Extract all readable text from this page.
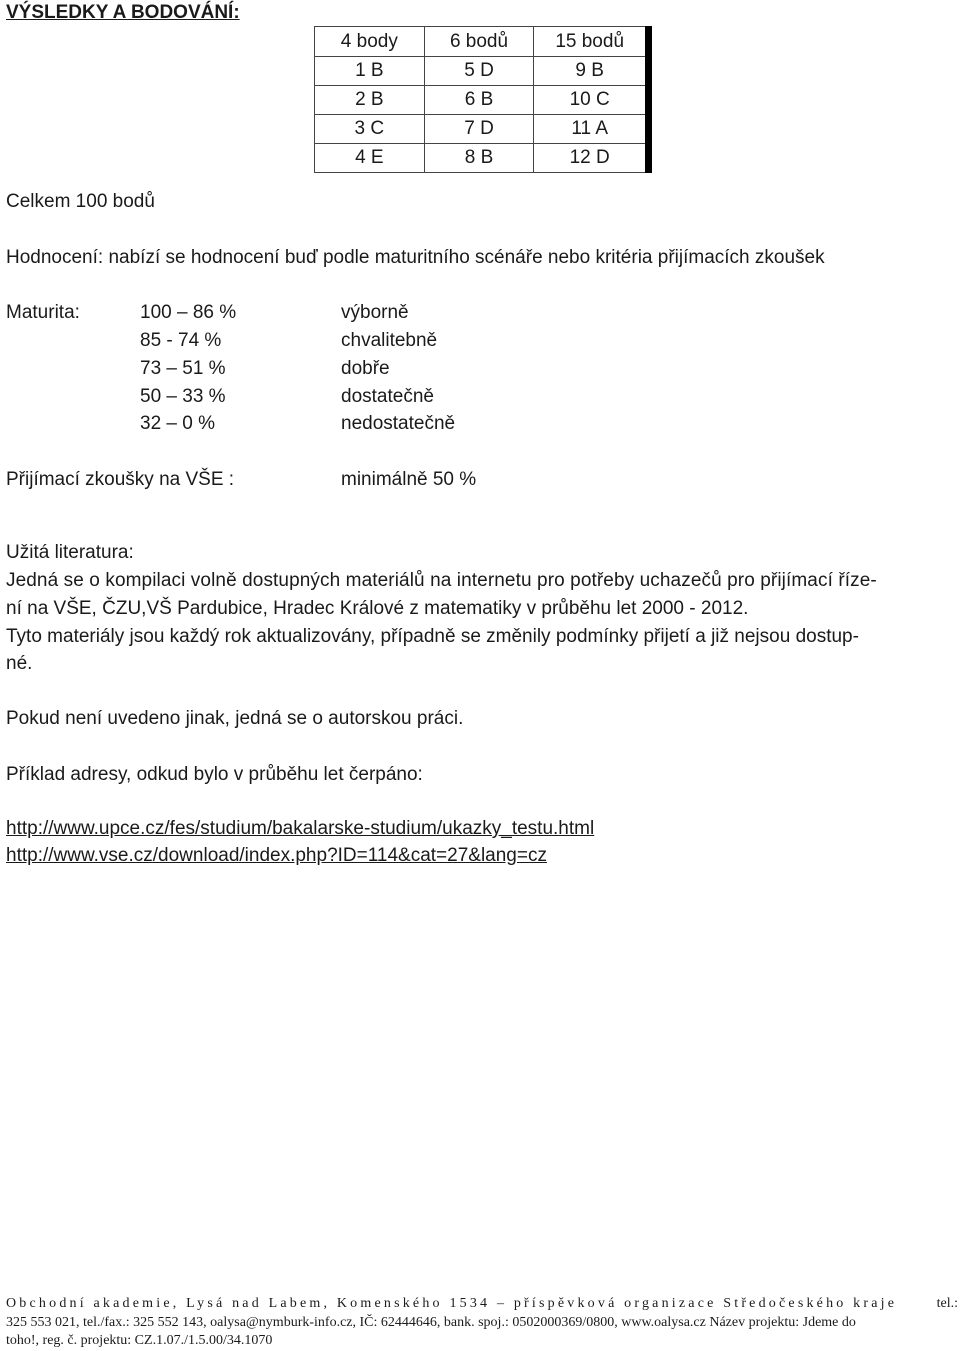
VÝSLEDKY A BODOVÁNÍ:
4 body	6 bodů	15 bodů
1 B	5 D	9 B
2 B	6 B	10 C
3 C	7 D	11 A
4 E	8 B	12 D
Celkem 100 bodů
Hodnocení: nabízí se hodnocení buď podle maturitního scénáře nebo kritéria přijímacích zkoušek
Maturita:	100 – 86 %	výborně
85 - 74 %	chvalitebně
73 – 51 %	dobře
50 – 33 %	dostatečně
32 – 0 %	nedostatečně
Přijímací zkoušky na VŠE :	minimálně 50 %
Užitá literatura:
Jedná se o kompilaci volně dostupných materiálů na internetu pro potřeby uchazečů pro přijímací říze-
ní na VŠE, ČZU,VŠ Pardubice, Hradec Králové z matematiky v průběhu let 2000 - 2012.
Tyto materiály jsou každý rok aktualizovány, případně se změnily podmínky přijetí a již nejsou dostup-
né.
Pokud není uvedeno jinak, jedná se o autorskou práci.
Příklad adresy, odkud bylo v průběhu let čerpáno:
http://www.upce.cz/fes/studium/bakalarske-studium/ukazky_testu.html
http://www.vse.cz/download/index.php?ID=114&cat=27&lang=cz
Obchodní akademie, Lysá nad Labem, Komenského 1534 – příspěvková organizace Středočeského kraje	tel.:
325 553 021, tel./fax.: 325 552 143, oalysa@nymburk-info.cz, IČ: 62444646, bank. spoj.: 0502000369/0800, www.oalysa.cz Název projektu: Jdeme do
toho!, reg. č. projektu: CZ.1.07./1.5.00/34.1070
